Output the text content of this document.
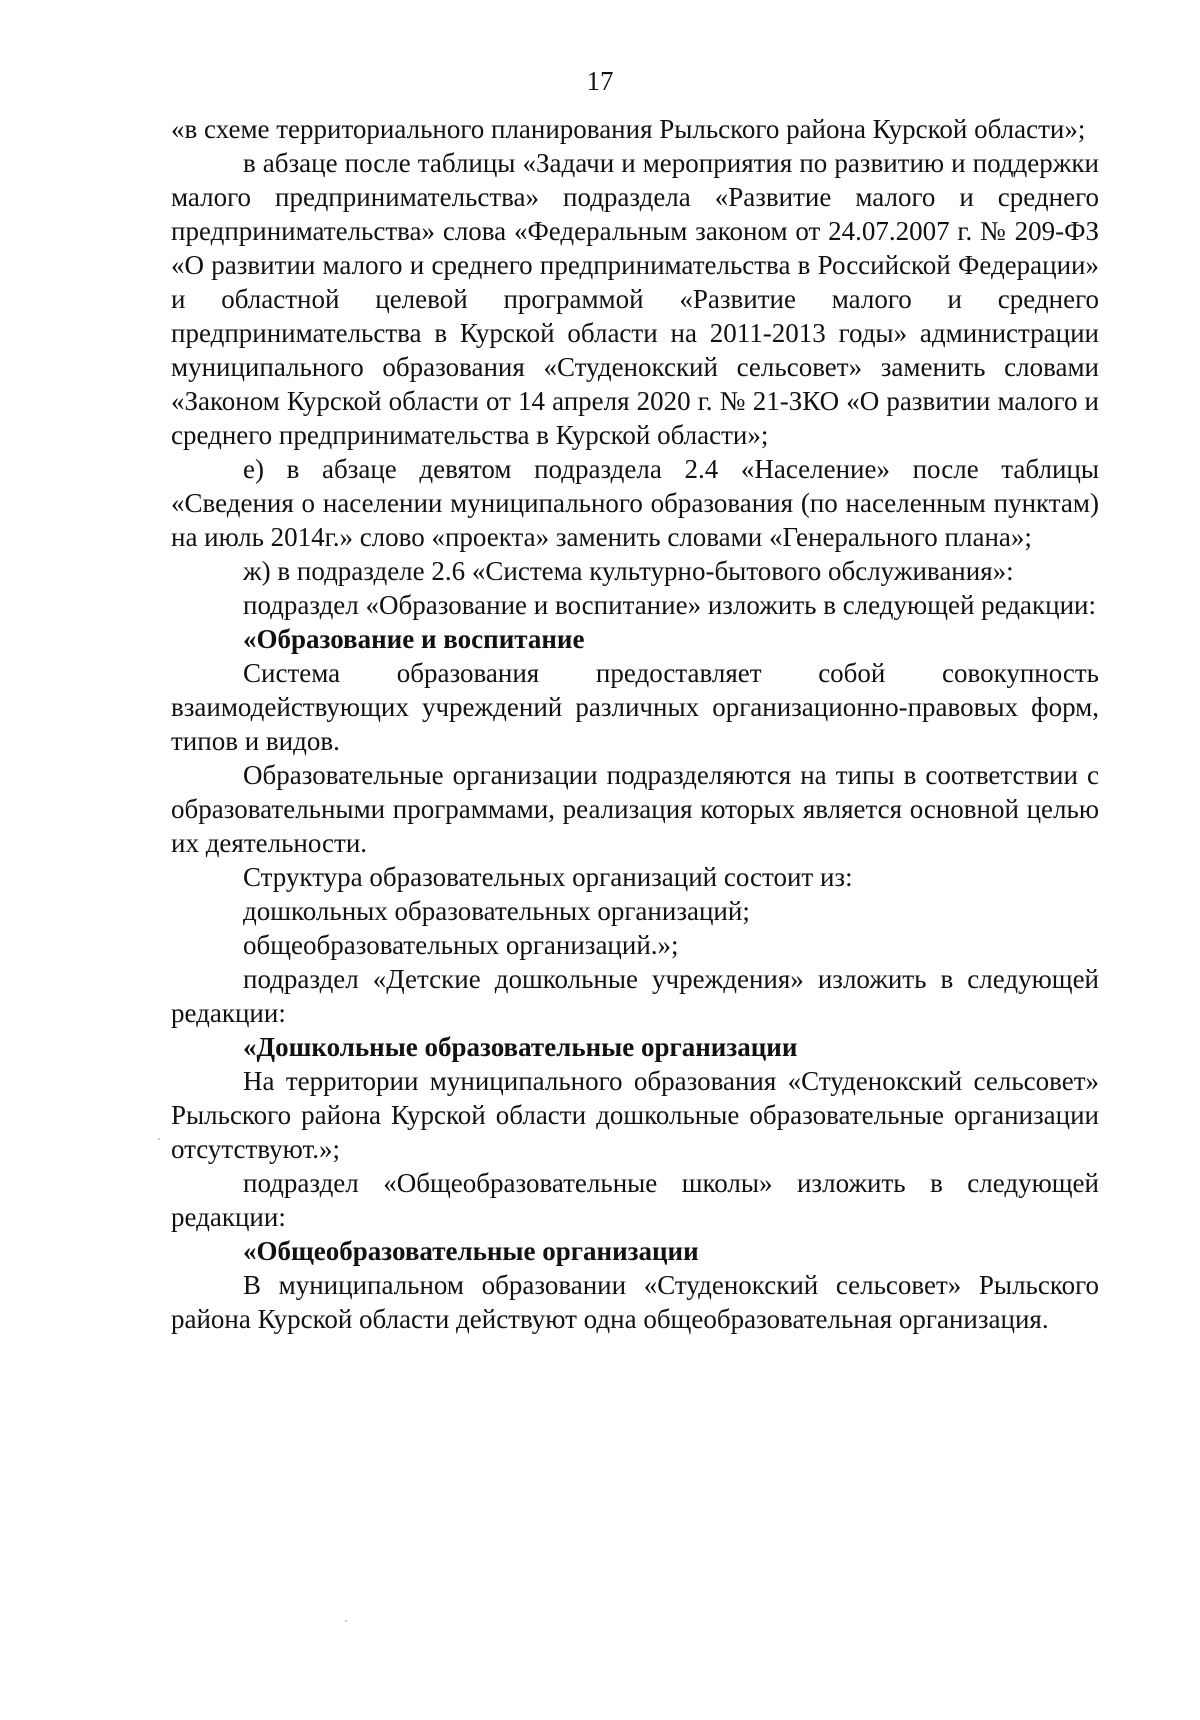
17

«в схеме территориального планирования Рыльского района Курской области»;

в абзаце после таблицы «Задачи и мероприятия по развитию и поддержки малого предпринимательства» подраздела «Развитие малого и среднего предпринимательства» слова «Федеральным законом от 24.07.2007 г. № 209-ФЗ «О развитии малого и среднего предпринимательства в Российской Федерации» и областной целевой программой «Развитие малого и среднего предпринимательства в Курской области на 2011-2013 годы» администрации муниципального образования «Студенокский сельсовет» заменить словами «Законом Курской области от 14 апреля 2020 г. № 21-ЗКО «О развитии малого и среднего предпринимательства в Курской области»;

е) в абзаце девятом подраздела 2.4 «Население» после таблицы «Сведения о населении муниципального образования (по населенным пунктам) на июль 2014г.» слово «проекта» заменить словами «Генерального плана»;

ж) в подразделе 2.6 «Система культурно-бытового обслуживания»:

подраздел «Образование и воспитание» изложить в следующей редакции:

«Образование и воспитание

Система образования предоставляет собой совокупность взаимодействующих учреждений различных организационно-правовых форм, типов и видов.

Образовательные организации подразделяются на типы в соответствии с образовательными программами, реализация которых является основной целью их деятельности.

Структура образовательных организаций состоит из:

дошкольных образовательных организаций;

общеобразовательных организаций.»;

подраздел «Детские дошкольные учреждения» изложить в следующей редакции:

«Дошкольные образовательные организации

На территории муниципального образования «Студенокский сельсовет» Рыльского района Курской области дошкольные образовательные организации отсутствуют.»;

подраздел «Общеобразовательные школы» изложить в следующей редакции:

«Общеобразовательные организации

В муниципальном образовании «Студенокский сельсовет» Рыльского района Курской области действуют одна общеобразовательная организация.
